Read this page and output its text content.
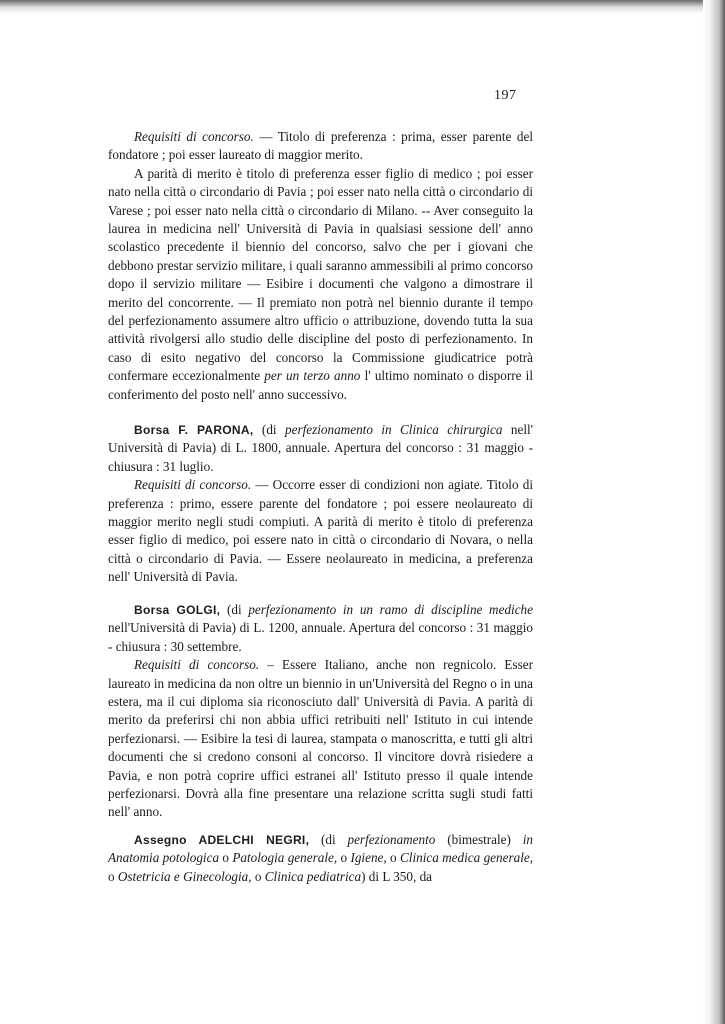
197

Requisiti di concorso. — Titolo di preferenza : prima, esser parente del fondatore ; poi esser laureato di maggior merito.

A parità di merito è titolo di preferenza esser figlio di medico ; poi esser nato nella città o circondario di Pavia ; poi esser nato nella città o circondario di Varese ; poi esser nato nella città o circondario di Milano. -- Aver conseguito la laurea in medicina nell' Università di Pavia in qualsiasi sessione dell' anno scolastico precedente il biennio del concorso, salvo che per i giovani che debbono prestar servizio militare, i quali saranno ammessibili al primo concorso dopo il servizio militare — Esibire i documenti che valgono a dimostrare il merito del concorrente. — Il premiato non potrà nel biennio durante il tempo del perfezionamento assumere altro ufficio o attribuzione, dovendo tutta la sua attività rivolgersi allo studio delle discipline del posto di perfezionamento. In caso di esito negativo del concorso la Commissione giudicatrice potrà confermare eccezionalmente per un terzo anno l' ultimo nominato o disporre il conferimento del posto nell' anno successivo.

Borsa F. PARONA, (di perfezionamento in Clinica chirurgica nell' Università di Pavia) di L. 1800, annuale. Apertura del concorso : 31 maggio - chiusura : 31 luglio.

Requisiti di concorso. — Occorre esser di condizioni non agiate. Titolo di preferenza : primo, essere parente del fondatore ; poi essere neolaureato di maggior merito negli studi compiuti. A parità di merito è titolo di preferenza esser figlio di medico, poi essere nato in città o circondario di Novara, o nella città o circondario di Pavia. — Essere neolaureato in medicina, a preferenza nell' Università di Pavia.

Borsa GOLGI, (di perfezionamento in un ramo di discipline mediche nell'Università di Pavia) di L. 1200, annuale. Apertura del concorso : 31 maggio - chiusura : 30 settembre.

Requisiti di concorso. – Essere Italiano, anche non regnicolo. Esser laureato in medicina da non oltre un biennio in un'Università del Regno o in una estera, ma il cui diploma sia riconosciuto dall' Università di Pavia. A parità di merito da preferirsi chi non abbia uffici retribuiti nell' Istituto in cui intende perfezionarsi. — Esibire la tesi di laurea, stampata o manoscritta, e tutti gli altri documenti che si credono consoni al concorso. Il vincitore dovrà risiedere a Pavia, e non potrà coprire uffici estranei all' Istituto presso il quale intende perfezionarsi. Dovrà alla fine presentare una relazione scritta sugli studi fatti nell' anno.

Assegno ADELCHI NEGRI, (di perfezionamento (bimestrale) in Anatomia potologica o Patologia generale, o Igiene, o Clinica medica generale, o Ostetricia e Ginecologia, o Clinica pediatrica) di L 350, da
